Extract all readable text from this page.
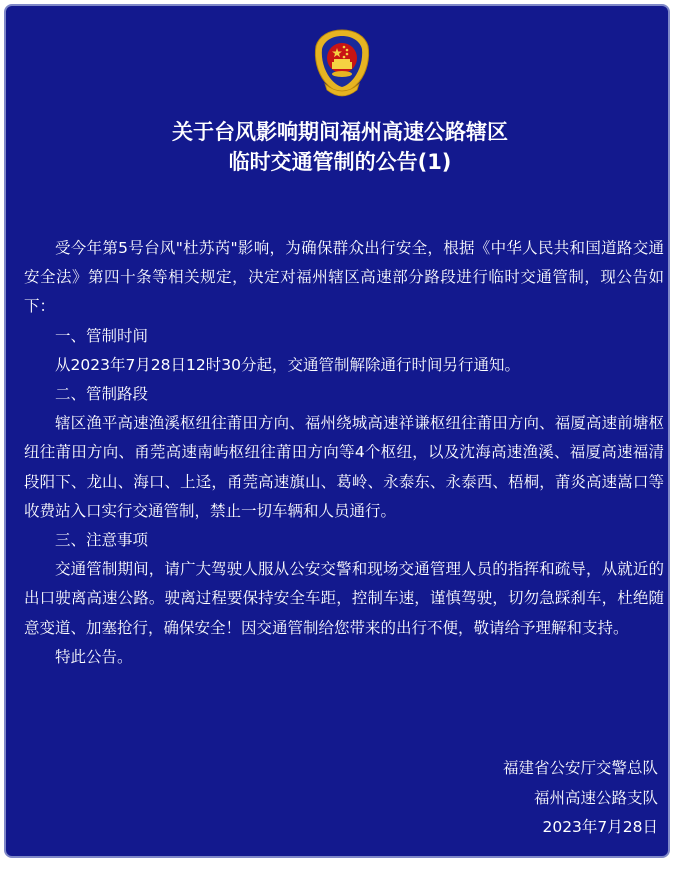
关于台风影响期间福州高速公路辖区
临时交通管制的公告(1)

受今年第5号台风"杜苏芮"影响，为确保群众出行安全，根据《中华人民共和国道路交通安全法》第四十条等相关规定，决定对福州辖区高速部分路段进行临时交通管制，现公告如下：

一、管制时间

从2023年7月28日12时30分起，交通管制解除通行时间另行通知。

二、管制路段

辖区渔平高速渔溪枢纽往莆田方向、福州绕城高速祥谦枢纽往莆田方向、福厦高速前塘枢纽往莆田方向、甬莞高速南屿枢纽往莆田方向等4个枢纽，以及沈海高速渔溪、福厦高速福清段阳下、龙山、海口、上迳，甬莞高速旗山、葛岭、永泰东、永泰西、梧桐，莆炎高速嵩口等收费站入口实行交通管制，禁止一切车辆和人员通行。

三、注意事项

交通管制期间，请广大驾驶人服从公安交警和现场交通管理人员的指挥和疏导，从就近的出口驶离高速公路。驶离过程要保持安全车距，控制车速，谨慎驾驶，切勿急踩刹车，杜绝随意变道、加塞抢行，确保安全！因交通管制给您带来的出行不便，敬请给予理解和支持。

特此公告。

福建省公安厅交警总队
福州高速公路支队
2023年7月28日
